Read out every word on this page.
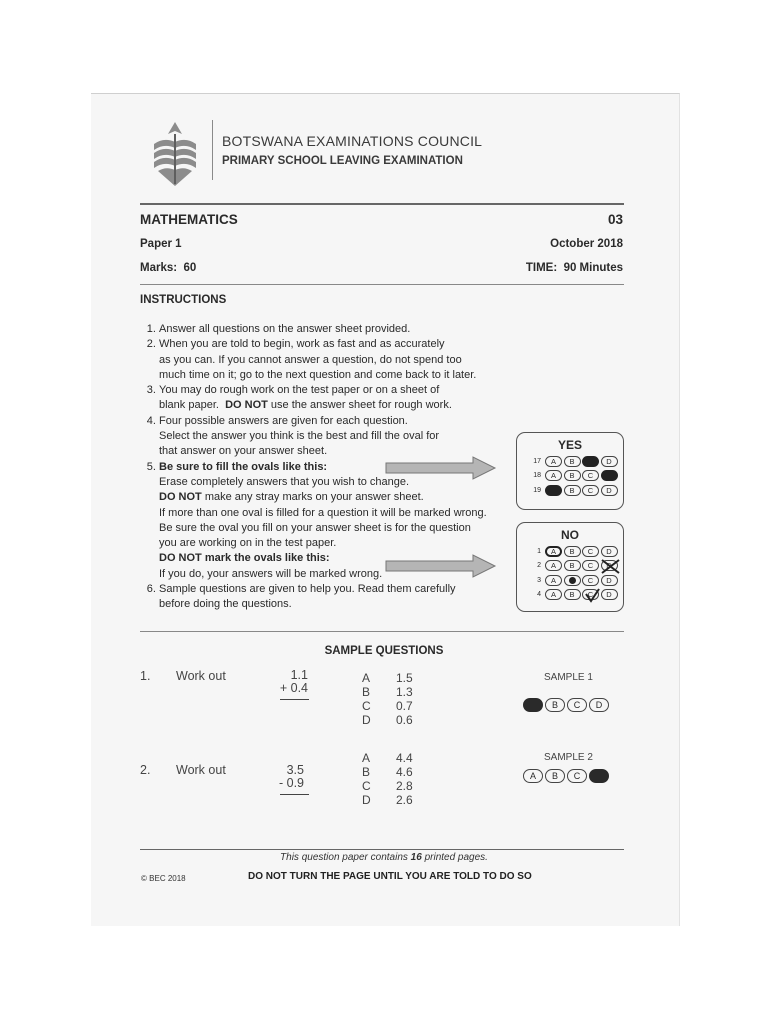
BOTSWANA EXAMINATIONS COUNCIL
PRIMARY SCHOOL LEAVING EXAMINATION
MATHEMATICS	03
Paper 1	October 2018
Marks: 60	TIME: 90 Minutes
INSTRUCTIONS
1. Answer all questions on the answer sheet provided.
2. When you are told to begin, work as fast and as accurately
as you can. If you cannot answer a question, do not spend too
much time on it; go to the next question and come back to it later.
3. You may do rough work on the test paper or on a sheet of
blank paper. DO NOT use the answer sheet for rough work.
4. Four possible answers are given for each question.
Select the answer you think is the best and fill the oval for
that answer on your answer sheet.
5. Be sure to fill the ovals like this:
Erase completely answers that you wish to change.
DO NOT make any stray marks on your answer sheet.
If more than one oval is filled for a question it will be marked wrong.
Be sure the oval you fill on your answer sheet is for the question
you are working on in the test paper.
DO NOT mark the ovals like this:
If you do, your answers will be marked wrong.
6. Sample questions are given to help you. Read them carefully
before doing the questions.
YES
17	A	B	D
18	A	B	C
19	B	C	D
NO
1	A	B	C	D
2	A	B	C
3	A	C	D
4	A	B	C	D
SAMPLE QUESTIONS
1. Work out	1.1
+ 0.4
A	1.5
B	1.3
C	0.7
D	0.6
SAMPLE 1
B	C	D
2. Work out	3.5
- 0.9
A	4.4
B	4.6
C	2.8
D	2.6
SAMPLE 2
A	B	C
This question paper contains 16 printed pages.
© BEC 2018	DO NOT TURN THE PAGE UNTIL YOU ARE TOLD TO DO SO
